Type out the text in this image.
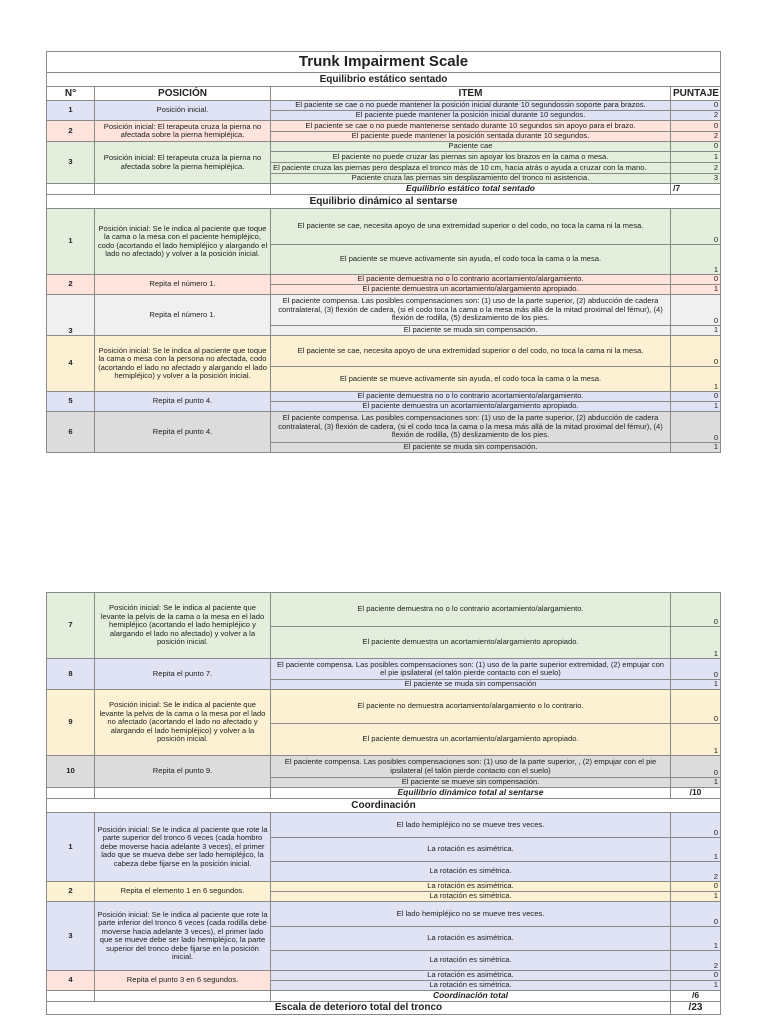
Trunk Impairment Scale			
Equilibrio estático sentado			
N°	POSICIÓN	ITEM	PUNTAJE
1	Posición inicial.	El paciente se cae o no puede mantener la posición inicial durante 10 segundossin soporte para brazos.	0
		El paciente puede mantener la posición inicial durante 10 segundos.	2
2	Posición inicial: El terapeuta cruza la pierna no afectada sobre la pierna hemipléjica.	El paciente se cae o no puede mantenerse sentado durante 10 segundos sin apoyo para el brazo.	0
		El paciente puede mantener la posición sentada durante 10 segundos.	2
3	Posición inicial: El terapeuta cruza la pierna no afectada sobre la pierna hemipléjica.	Paciente cae	0
		El paciente no puede cruzar las piernas sin apoyar los brazos en la cama o mesa.	1
		El paciente cruza las piernas pero desplaza el tronco más de 10 cm, hacia atrás o ayuda a cruzar con la mano.	2
		Paciente cruza las piernas sin desplazamiento del tronco ni asistencia.	3
		Equilibrio estático total sentado	/7
Equilibrio dinámico al sentarse			
1	Posición inicial: Se le indica al paciente que toque la cama o la mesa con el paciente hemipléjico, codo (acortando el lado hemipléjico y alargando el lado no afectado) y volver a la posición inicial.	El paciente se cae, necesita apoyo de una extremidad superior o del codo, no toca la cama ni la mesa.	0
		El paciente se mueve activamente sin ayuda, el codo toca la cama o la mesa.	1
2	Repita el número 1.	El paciente demuestra no o lo contrario acortamiento/alargamiento.	0
		El paciente demuestra un acortamiento/alargamiento apropiado.	1
3	Repita el número 1.	El paciente compensa. Las posibles compensaciones son: (1) uso de la parte superior, (2) abducción de cadera contralateral, (3) flexión de cadera, (si el codo toca la cama o la mesa más allá de la mitad proximal del fémur), (4) flexión de rodilla, (5) deslizamiento de los pies.	0
		El paciente se muda sin compensación.	1
4	Posición inicial: Se le indica al paciente que toque la cama o mesa con la persona no afectada, codo (acortando el lado no afectado y alargando el lado hemipléjico) y volver a la posición inicial.	El paciente se cae, necesita apoyo de una extremidad superior o del codo, no toca la cama ni la mesa.	0
		El paciente se mueve activamente sin ayuda, el codo toca la cama o la mesa.	1
5	Repita el punto 4.	El paciente demuestra no o lo contrario acortamiento/alargamiento.	0
		El paciente demuestra un acortamiento/alargamiento apropiado.	1
6	Repita el punto 4.	El paciente compensa. Las posibles compensaciones son: (1) uso de la parte superior, (2) abducción de cadera contralateral, (3) flexión de cadera, (si el codo toca la cama o la mesa más allá de la mitad proximal del fémur), (4) flexión de rodilla, (5) deslizamiento de los pies.	0
		El paciente se muda sin compensación.	1
7	Posición inicial: Se le indica al paciente que levante la pelvis de la cama o la mesa en el lado hemipléjico (acortando el lado hemipléjico y alargando el lado no afectado) y volver a la posición inicial.	El paciente demuestra no o lo contrario acortamiento/alargamiento.	0
		El paciente demuestra un acortamiento/alargamiento apropiado.	1
8	Repita el punto 7.	El paciente compensa. Las posibles compensaciones son: (1) uso de la parte superior extremidad, (2) empujar con el pie ipsilateral (el talón pierde contacto con el suelo)	0
		El paciente se muda sin compensación	1
9	Posición inicial: Se le indica al paciente que levante la pelvis de la cama o la mesa por el lado no afectado (acortando el lado no afectado y alargando el lado hemipléjico) y volver a la posición inicial.	El paciente no demuestra acortamiento/alargamiento o lo contrario.	0
		El paciente demuestra un acortamiento/alargamiento apropiado.	1
10	Repita el punto 9.	El paciente compensa. Las posibles compensaciones son: (1) uso de la parte superior, , (2) empujar con el pie ipsilateral (el talón pierde contacto con el suelo)	0
		El paciente se mueve sin compensación.	1
		Equilibrio dinámico total al sentarse	/10
Coordinación			
1	Posición inicial: Se le indica al paciente que rote la parte superior del tronco 6 veces (cada hombro debe moverse hacia adelante 3 veces), el primer lado que se mueva debe ser lado hemipléjico, la cabeza debe fijarse en la posición inicial.	El lado hemipléjico no se mueve tres veces.	0
		La rotación es asimétrica.	1
		La rotación es simétrica.	2
2	Repita el elemento 1 en 6 segundos.	La rotación es asimétrica.	0
		La rotación es simétrica.	1
3	Posición inicial: Se le indica al paciente que rote la parte inferior del tronco 6 veces (cada rodilla debe moverse hacia adelante 3 veces), el primer lado que se mueve debe ser lado hemipléjico, la parte superior del tronco debe fijarse en la posición inicial.	El lado hemipléjico no se mueve tres veces.	0
		La rotación es asimétrica.	1
		La rotación es simétrica.	2
4	Repita el punto 3 en 6 segundos.	La rotación es asimétrica.	0
		La rotación es simétrica.	1
		Coordinación total	/6
Escala de deterioro total del tronco			/23
